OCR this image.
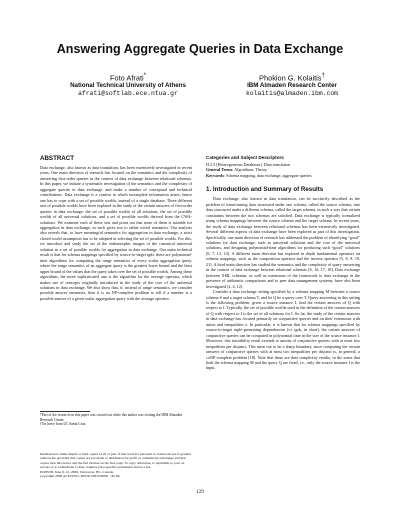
Answering Aggregate Queries in Data Exchange
Foto Afrati*
National Technical University of Athens
afrati@softlab.ece.ntua.gr
Phokion G. Kolaitis†
IBM Almaden Research Center
kolaitis@almaden.ibm.com
ABSTRACT

Data exchange, also known as data translation, has been extensively investigated in recent years. One main direction of research has focused on the semantics and the complexity of answering first-order queries in the context of data exchange between relational schemas. In this paper, we initiate a systematic investigation of the semantics and the complexity of aggregate queries in data exchange, and make a number of conceptual and technical contributions. Data exchange is a context in which incomplete information arises, hence one has to cope with a set of possible worlds, instead of a single database. Three different sets of possible worlds have been explored in the study of the certain answers of first-order queries in data exchange: the set of possible worlds of all solutions, the set of possible worlds of all universal solutions, and a set of possible worlds derived from the CWA-solutions. We examine each of these sets and point out that none of them is suitable for aggregation in data exchange, as each gives rise to rather trivial semantics. Our analysis also reveals that, to have meaningful semantics for aggregation in data exchange, a strict closed-world assumption has to be adopted in selecting the set of possible worlds. For this, we introduce and study the set of the endomorphic images of the canonical universal solution as a set of possible worlds for aggregation in data exchange. Our main technical result is that for schema mappings specified by source-to-target tgds, there are polynomial-time algorithms for computing the range semantics of every scalar aggregation query, where the range semantics of an aggregate query is the greatest lower bound and the least upper bound of the values that the query takes over the set of possible worlds. Among these algorithms, the more sophisticated one is the algorithm for the average operator, which makes use of concepts originally introduced in the study of the core of the universal solutions in data exchange. We also show that, if, instead of range semantics, we consider possible answer semantics, then it is an NP-complete problem to tell if a number is a possible answer of a given scalar aggregation query with the average operator.

*Part of the research on this paper was carried out while this author was visiting the IBM Almaden Research Center.
†On leave from UC Santa Cruz.
Permission to make digital or hard copies of all or part of this work for personal or classroom use is granted without fee provided that copies are not made or distributed for profit or commercial advantage and that copies bear this notice and the full citation on the first page. To copy otherwise, to republish, to post on servers or to redistribute to lists, requires prior specific permission and/or a fee.
PODS'08, June 9–12, 2008, Vancouver, BC, Canada.
Copyright 2008 ACM 978-1-60558-108-8/08/06 ...$5.00.
Categories and Subject Descriptors
H.2.5 [Heterogeneous Databases]: Data translation
General Terms: Algorithms, Theory
Keywords: Schema mapping, data exchange, aggregate queries
1. Introduction and Summary of Results

Data exchange, also known as data translation, can be succinctly described as the problem of transforming data structured under one schema, called the source schema, into data structured under a different schema, called the target schema, in such a way that certain constraints between the two schemas are satisfied. Data exchange is typically formalized using schema mappings between the source schema and the target schema. In recent years, the study of data exchange between relational schemas has been extensively investigated. Several different aspects of data exchange have been explored as part of this investigation. Specifically, one main direction of research has addressed the problem of identifying “good” solutions for data exchange, such as universal solutions and the core of the universal solutions, and designing polynomial-time algorithms for producing such “good” solutions [6, 7, 13, 14]. A different main direction has explored in depth fundamental operators on schema mappings, such as the composition operator and the inverse operator [5, 8, 9, 19, 21]. A third main direction has studied the semantics and the complexity of query answering in the context of data exchange between relational schemas [6, 16, 17, 18]. Data exchange between XML schemas, as well as extensions of the framework to data exchange in the presence of arithmetic comparisons and to peer data management systems, have also been investigated [2, 4, 12].

Consider a data exchange setting specified by a schema mapping M between a source schema S and a target schema T, and let Q be a query over T. Query answering in this setting is the following problem: given a source instance I, find the certain answers of Q with respect to I. Typically, the set of possible worlds used in the definition of the certain answers of Q with respect to I is the set of all solutions for I. So far, the study of the certain answers in data exchange has focused primarily on conjunctive queries and on their extensions with union and inequalities ≠. In particular, it is known that for schema mappings specified by source-to-target tuple-generating dependencies (s-t tgds, in short), the certain answers of conjunctive queries can be computed in polynomial time in the size of the source instance I. Moreover, this tractability result extends to unions of conjunctive queries with at most two inequalities per disjunct. This turns out to be a sharp boundary, since computing the certain answers of conjunctive queries with at most two inequalities per disjunct is, in general, a coNP-complete problem [18]. Note that these are data complexity results, in the sense that both the schema mapping M and the query Q are fixed, i.e., only the source instance I is the input.

129
